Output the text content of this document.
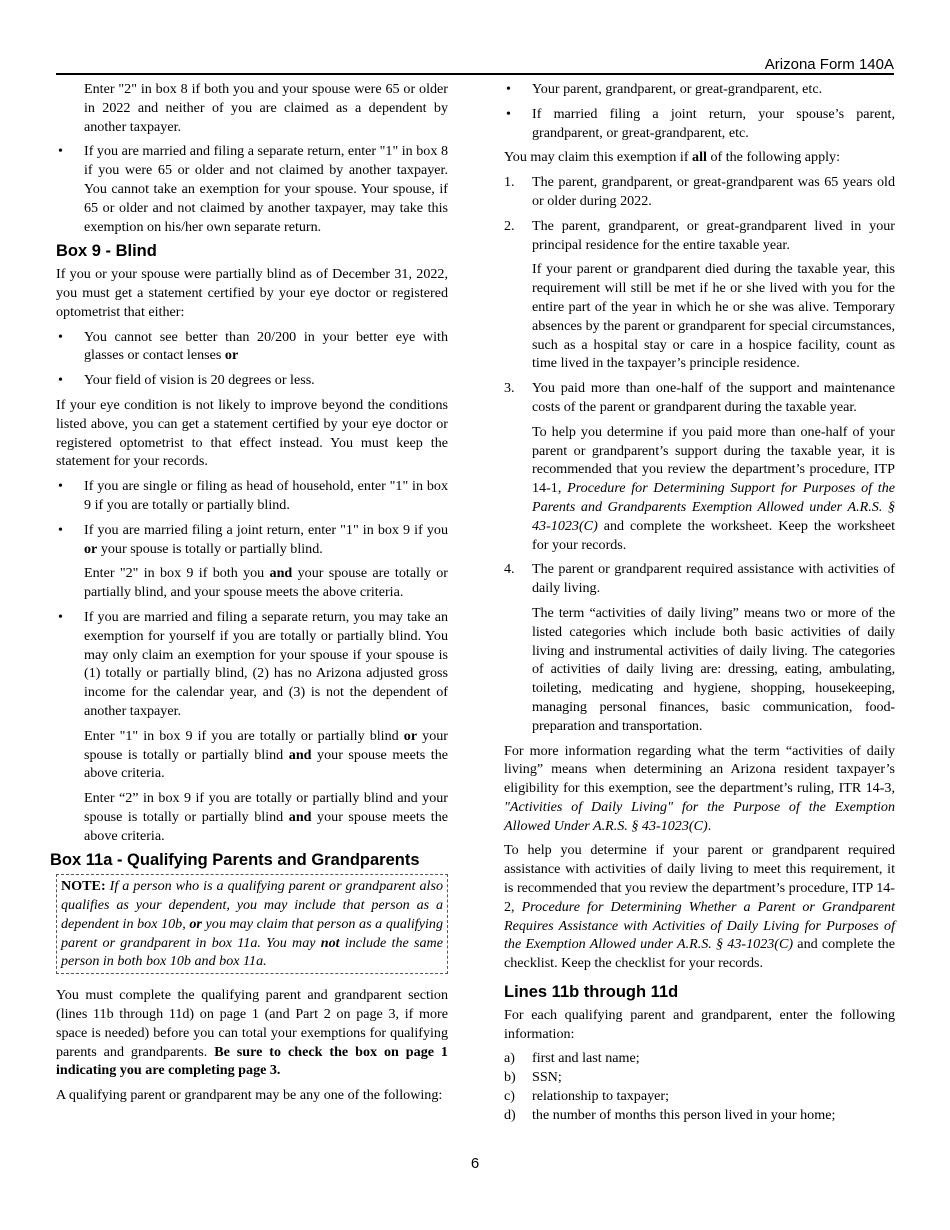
Arizona Form 140A

Enter "2" in box 8 if both you and your spouse were 65 or older in 2022 and neither of you are claimed as a dependent by another taxpayer.

• If you are married and filing a separate return, enter "1" in box 8 if you were 65 or older and not claimed by another taxpayer. You cannot take an exemption for your spouse. Your spouse, if 65 or older and not claimed by another taxpayer, may take this exemption on his/her own separate return.
Box 9 - Blind

If you or your spouse were partially blind as of December 31, 2022, you must get a statement certified by your eye doctor or registered optometrist that either:

• You cannot see better than 20/200 in your better eye with glasses or contact lenses or
• Your field of vision is 20 degrees or less.

If your eye condition is not likely to improve beyond the conditions listed above, you can get a statement certified by your eye doctor or registered optometrist to that effect instead. You must keep the statement for your records.

• If you are single or filing as head of household, enter "1" in box 9 if you are totally or partially blind.
• If you are married filing a joint return, enter "1" in box 9 if you or your spouse is totally or partially blind.

Enter "2" in box 9 if both you and your spouse are totally or partially blind, and your spouse meets the above criteria.

• If you are married and filing a separate return, you may take an exemption for yourself if you are totally or partially blind. You may only claim an exemption for your spouse if your spouse is (1) totally or partially blind, (2) has no Arizona adjusted gross income for the calendar year, and (3) is not the dependent of another taxpayer.

Enter "1" in box 9 if you are totally or partially blind or your spouse is totally or partially blind and your spouse meets the above criteria.

Enter “2” in box 9 if you are totally or partially blind and your spouse is totally or partially blind and your spouse meets the above criteria.

Box 11a - Qualifying Parents and Grandparents
NOTE: If a person who is a qualifying parent or grandparent also qualifies as your dependent, you may include that person as a dependent in box 10b, or you may claim that person as a qualifying parent or grandparent in box 11a. You may not include the same person in both box 10b and box 11a.

You must complete the qualifying parent and grandparent section (lines 11b through 11d) on page 1 (and Part 2 on page 3, if more space is needed) before you can total your exemptions for qualifying parents and grandparents. Be sure to check the box on page 1 indicating you are completing page 3.

A qualifying parent or grandparent may be any one of the following:

• Your parent, grandparent, or great-grandparent, etc.
• If married filing a joint return, your spouse’s parent, grandparent, or great-grandparent, etc.

You may claim this exemption if all of the following apply:

1. The parent, grandparent, or great-grandparent was 65 years old or older during 2022.
2. The parent, grandparent, or great-grandparent lived in your principal residence for the entire taxable year.

If your parent or grandparent died during the taxable year, this requirement will still be met if he or she lived with you for the entire part of the year in which he or she was alive. Temporary absences by the parent or grandparent for special circumstances, such as a hospital stay or care in a hospice facility, count as time lived in the taxpayer’s principle residence.

3. You paid more than one-half of the support and maintenance costs of the parent or grandparent during the taxable year.

To help you determine if you paid more than one-half of your parent or grandparent’s support during the taxable year, it is recommended that you review the department’s procedure, ITP 14-1, Procedure for Determining Support for Purposes of the Parents and Grandparents Exemption Allowed under A.R.S. § 43-1023(C) and complete the worksheet. Keep the worksheet for your records.

4. The parent or grandparent required assistance with activities of daily living.

The term “activities of daily living” means two or more of the listed categories which include both basic activities of daily living and instrumental activities of daily living. The categories of activities of daily living are: dressing, eating, ambulating, toileting, medicating and hygiene, shopping, housekeeping, managing personal finances, basic communication, food-preparation and transportation.

For more information regarding what the term “activities of daily living” means when determining an Arizona resident taxpayer’s eligibility for this exemption, see the department’s ruling, ITR 14-3, "Activities of Daily Living" for the Purpose of the Exemption Allowed Under A.R.S. § 43-1023(C).

To help you determine if your parent or grandparent required assistance with activities of daily living to meet this requirement, it is recommended that you review the department’s procedure, ITP 14-2, Procedure for Determining Whether a Parent or Grandparent Requires Assistance with Activities of Daily Living for Purposes of the Exemption Allowed under A.R.S. § 43-1023(C) and complete the checklist. Keep the checklist for your records.

Lines 11b through 11d

For each qualifying parent and grandparent, enter the following information:

a) first and last name;
b) SSN;
c) relationship to taxpayer;
d) the number of months this person lived in your home;
6
